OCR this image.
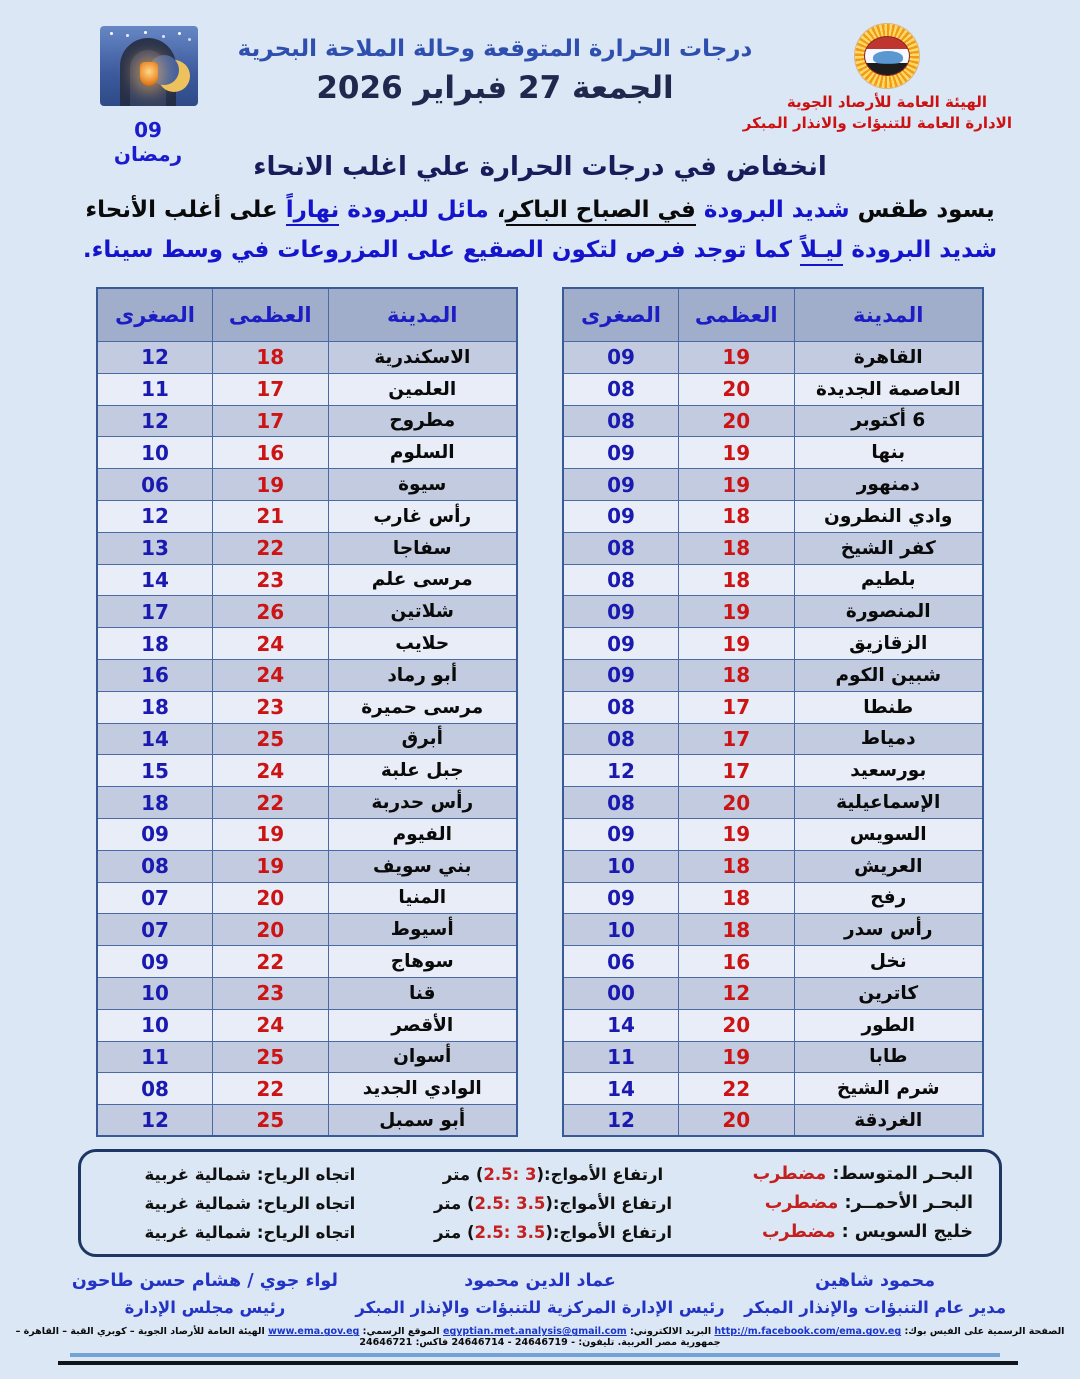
الهيئة العامة للأرصاد الجوية
الادارة العامة للتنبؤات والانذار المبكر
درجات الحرارة المتوقعة وحالة الملاحة البحرية
الجمعة 27 فبراير 2026
09 رمضان	انخفاض في درجات الحرارة علي اغلب الانحاء
يسود طقس شديد البرودة في الصباح الباكر، مائل للبرودة نهاراً على أغلب الأنحاء
شديد البرودة ليـلاً كما توجد فرص لتكون الصقيع على المزروعات في وسط سيناء.
المدينة	العظمى	الصغرى
القاهرة	19	09
العاصمة الجديدة	20	08
6 أكتوبر	20	08
بنها	19	09
دمنهور	19	09
وادي النطرون	18	09
كفر الشيخ	18	08
بلطيم	18	08
المنصورة	19	09
الزقازيق	19	09
شبين الكوم	18	09
طنطا	17	08
دمياط	17	08
بورسعيد	17	12
الإسماعيلية	20	08
السويس	19	09
العريش	18	10
رفح	18	09
رأس سدر	18	10
نخل	16	06
كاترين	12	00
الطور	20	14
طابا	19	11
شرم الشيخ	22	14
الغردقة	20	12
المدينة	العظمى	الصغرى
الاسكندرية	18	12
العلمين	17	11
مطروح	17	12
السلوم	16	10
سيوة	19	06
رأس غارب	21	12
سفاجا	22	13
مرسى علم	23	14
شلاتين	26	17
حلايب	24	18
أبو رماد	24	16
مرسى حميرة	23	18
أبرق	25	14
جبل علبة	24	15
رأس حدربة	22	18
الفيوم	19	09
بني سويف	19	08
المنيا	20	07
أسيوط	20	07
سوهاج	22	09
قنا	23	10
الأقصر	24	10
أسوان	25	11
الوادي الجديد	22	08
أبو سمبل	25	12
البحـر المتوسط: مضطرب
ارتفاع الأمواج:(2.5: 3) متر
اتجاه الرياح: شمالية غربية
البحـر الأحمــر: مضطرب
ارتفاع الأمواج:(2.5: 3.5) متر
اتجاه الرياح: شمالية غربية
خليج السويس : مضطرب
ارتفاع الأمواج:(2.5: 3.5) متر
اتجاه الرياح: شمالية غربية
محمود شاهين
مدير عام التنبؤات والإنذار المبكر
عماد الدين محمود
رئيس الإدارة المركزية للتنبؤات والإنذار المبكر
لواء جوي / هشام حسن طاحون
رئيس مجلس الإدارة
الصفحة الرسمية على الفيس بوك: http://m.facebook.com/ema.gov.eg البريد الالكتروني: egyptian.met.analysis@gmail.com الموقع الرسمي: www.ema.gov.eg الهيئة العامة للأرصاد الجوية – كوبري القبة – القاهرة – جمهورية مصر العربية. تليفون: - 24646719 - 24646714 فاكس: 24646721
